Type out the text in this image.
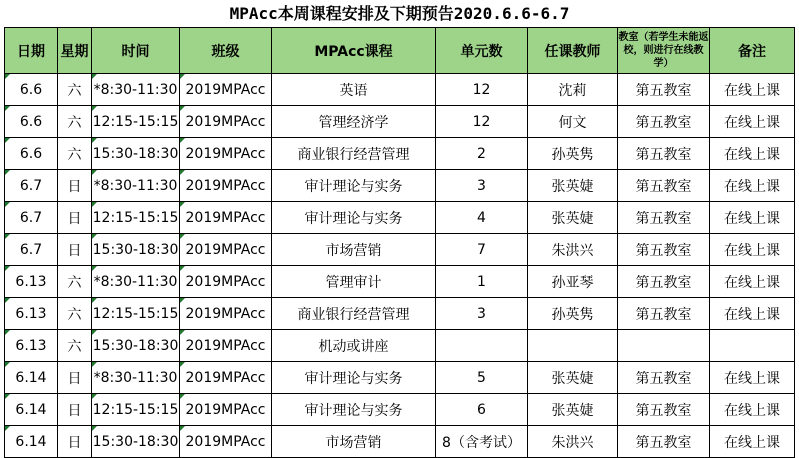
MPAcc本周课程安排及下期预告2020.6.6-6.7
日期	星期	时间	班级	MPAcc课程	单元数	任课教师	教室（若学生未能返校，则进行在线教学）	备注
6.6	六	*8:30-11:30	2019MPAcc	英语	12	沈莉	第五教室	在线上课
6.6	六	12:15-15:15	2019MPAcc	管理经济学	12	何文	第五教室	在线上课
6.6	六	15:30-18:30	2019MPAcc	商业银行经营管理	2	孙英隽	第五教室	在线上课
6.7	日	*8:30-11:30	2019MPAcc	审计理论与实务	3	张英婕	第五教室	在线上课
6.7	日	12:15-15:15	2019MPAcc	审计理论与实务	4	张英婕	第五教室	在线上课
6.7	日	15:30-18:30	2019MPAcc	市场营销	7	朱洪兴	第五教室	在线上课
6.13	六	*8:30-11:30	2019MPAcc	管理审计	1	孙亚琴	第五教室	在线上课
6.13	六	12:15-15:15	2019MPAcc	商业银行经营管理	3	孙英隽	第五教室	在线上课
6.13	六	15:30-18:30	2019MPAcc	机动或讲座				
6.14	日	*8:30-11:30	2019MPAcc	审计理论与实务	5	张英婕	第五教室	在线上课
6.14	日	12:15-15:15	2019MPAcc	审计理论与实务	6	张英婕	第五教室	在线上课
6.14	日	15:30-18:30	2019MPAcc	市场营销	8（含考试）	朱洪兴	第五教室	在线上课
